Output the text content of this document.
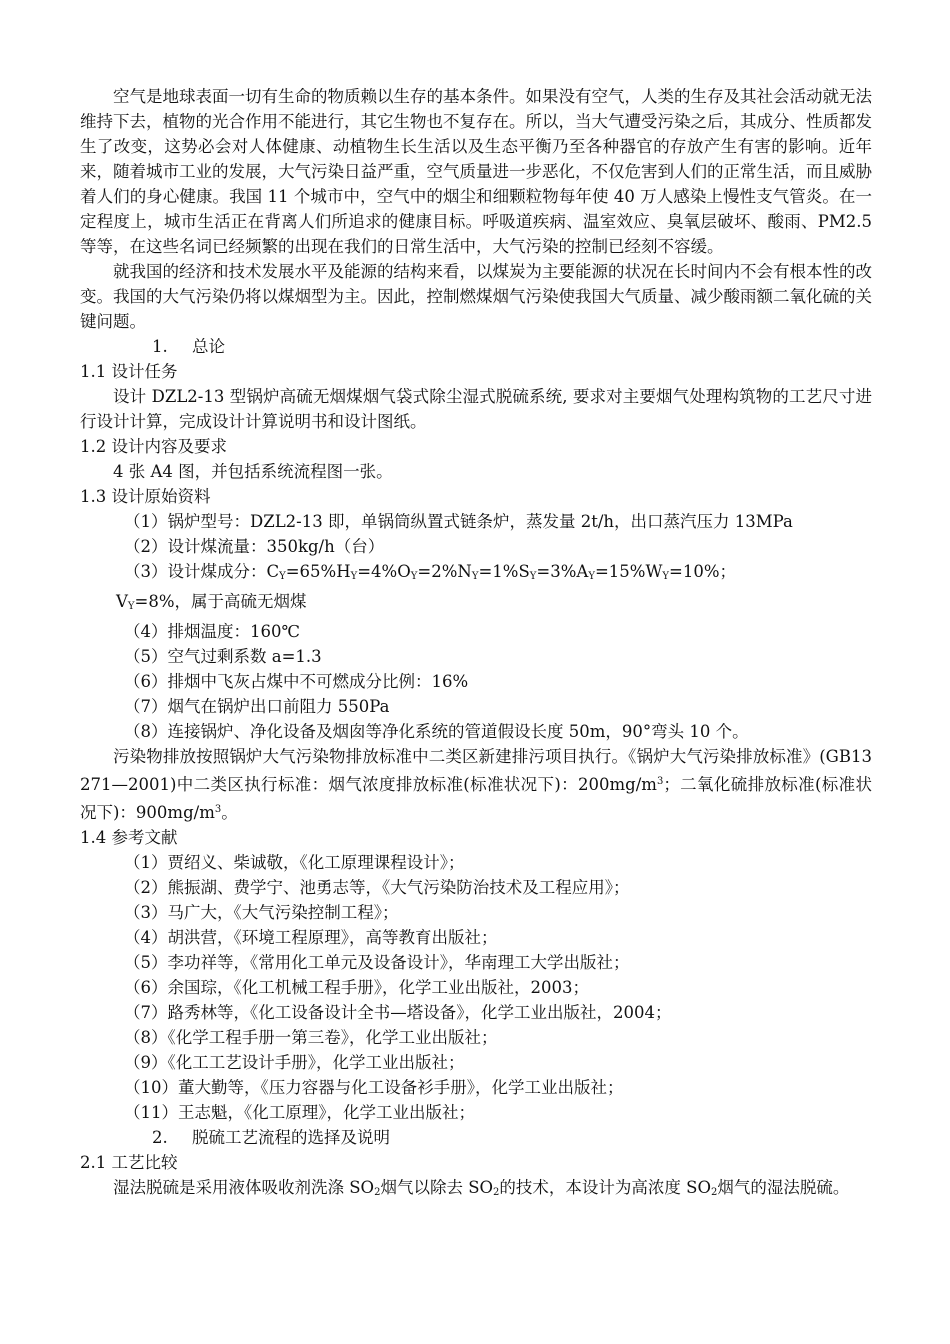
空气是地球表面一切有生命的物质赖以生存的基本条件。如果没有空气，人类的生存及其社会活动就无法维持下去，植物的光合作用不能进行，其它生物也不复存在。所以，当大气遭受污染之后，其成分、性质都发生了改变，这势必会对人体健康、动植物生长生活以及生态平衡乃至各种器官的存放产生有害的影响。近年来，随着城市工业的发展，大气污染日益严重，空气质量进一步恶化，不仅危害到人们的正常生活，而且威胁着人们的身心健康。我国 11 个城市中，空气中的烟尘和细颗粒物每年使 40 万人感染上慢性支气管炎。在一定程度上，城市生活正在背离人们所追求的健康目标。呼吸道疾病、温室效应、臭氧层破坏、酸雨、PM2.5 等等，在这些名词已经频繁的出现在我们的日常生活中，大气污染的控制已经刻不容缓。

就我国的经济和技术发展水平及能源的结构来看，以煤炭为主要能源的状况在长时间内不会有根本性的改变。我国的大气污染仍将以煤烟型为主。因此，控制燃煤烟气污染使我国大气质量、减少酸雨额二氧化硫的关键问题。

1. 总论

1.1 设计任务

设计 DZL2-13 型锅炉高硫无烟煤烟气袋式除尘湿式脱硫系统, 要求对主要烟气处理构筑物的工艺尺寸进行设计计算，完成设计计算说明书和设计图纸。

1.2 设计内容及要求

4 张 A4 图，并包括系统流程图一张。

1.3 设计原始资料

（1）锅炉型号：DZL2-13 即，单锅筒纵置式链条炉，蒸发量 2t/h，出口蒸汽压力 13MPa

（2）设计煤流量：350kg/h（台）

（3）设计煤成分：$C_Y=65\%H_Y=4\%O_Y=2\%N_Y=1\%S_Y=3\%A_Y=15\%W_Y=10\%$；

$V_Y=8\%$，属于高硫无烟煤

（4）排烟温度：160℃

（5）空气过剩系数 a=1.3

（6）排烟中飞灰占煤中不可燃成分比例：16%

（7）烟气在锅炉出口前阻力 550Pa

（8）连接锅炉、净化设备及烟囱等净化系统的管道假设长度 50m，90°弯头 10 个。

污染物排放按照锅炉大气污染物排放标准中二类区新建排污项目执行。《锅炉大气污染排放标准》(GB13271—2001)中二类区执行标准：烟气浓度排放标准(标准状况下)：$200mg/m^3$；二氧化硫排放标准(标准状况下)：$900mg/m^3$。

1.4 参考文献

（1）贾绍义、柴诚敬，《化工原理课程设计》；

（2）熊振湖、费学宁、池勇志等，《大气污染防治技术及工程应用》；

（3）马广大，《大气污染控制工程》；

（4）胡洪营，《环境工程原理》，高等教育出版社；

（5）李功祥等，《常用化工单元及设备设计》，华南理工大学出版社；

（6）余国琮，《化工机械工程手册》，化学工业出版社，2003；

（7）路秀林等，《化工设备设计全书—塔设备》，化学工业出版社，2004；

（8）《化学工程手册一第三卷》，化学工业出版社；

（9）《化工工艺设计手册》，化学工业出版社；

（10）董大勤等，《压力容器与化工设备衫手册》，化学工业出版社；

（11）王志魁，《化工原理》，化学工业出版社；

2. 脱硫工艺流程的选择及说明

2.1 工艺比较

湿法脱硫是采用液体吸收剂洗涤 $SO_2$烟气以除去 $SO_2$的技术，本设计为高浓度 $SO_2$烟气的湿法脱硫。
